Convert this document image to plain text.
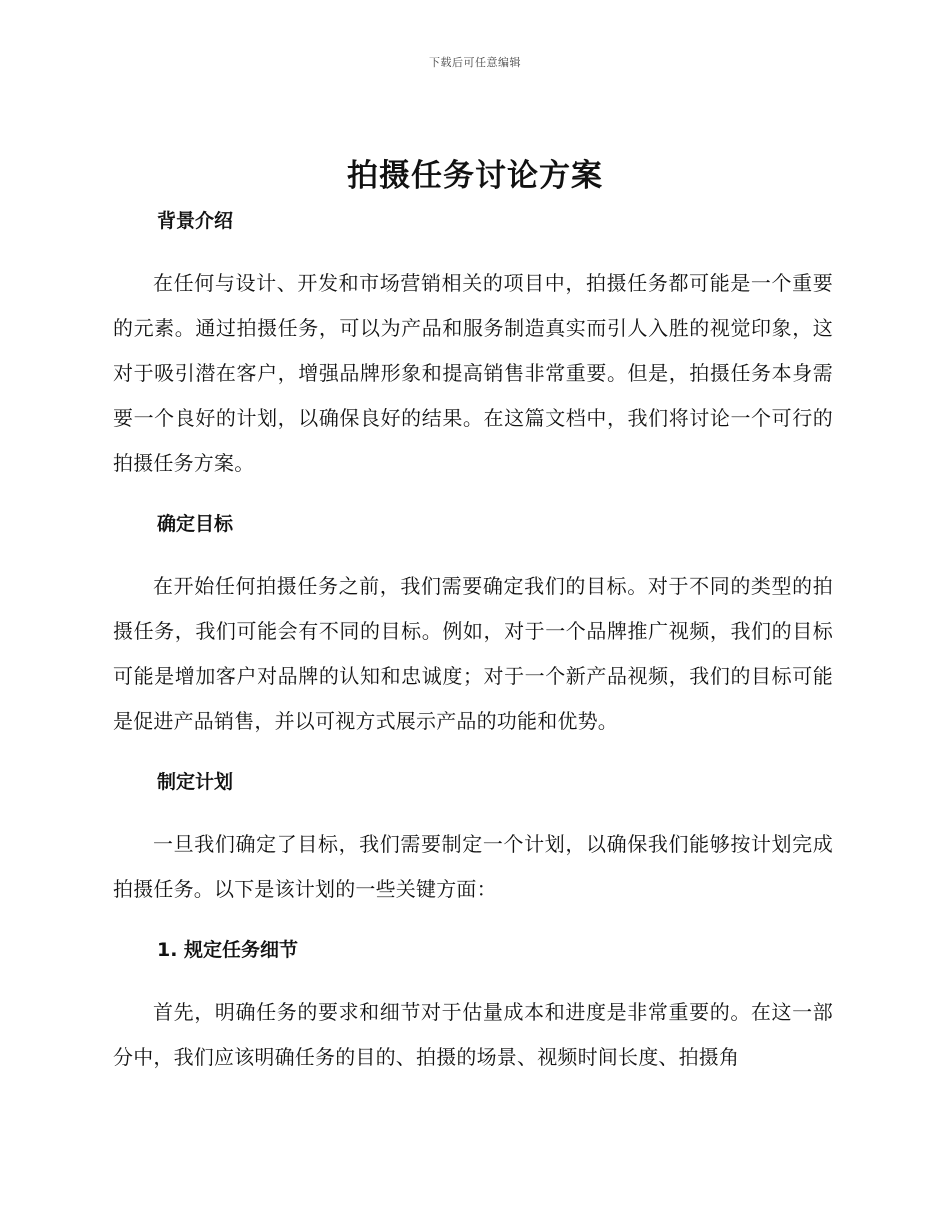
下载后可任意编辑
拍摄任务讨论方案
背景介绍

在任何与设计、开发和市场营销相关的项目中，拍摄任务都可能是一个重要的元素。通过拍摄任务，可以为产品和服务制造真实而引人入胜的视觉印象，这对于吸引潜在客户，增强品牌形象和提高销售非常重要。但是，拍摄任务本身需要一个良好的计划，以确保良好的结果。在这篇文档中，我们将讨论一个可行的拍摄任务方案。

确定目标

在开始任何拍摄任务之前，我们需要确定我们的目标。对于不同的类型的拍摄任务，我们可能会有不同的目标。例如，对于一个品牌推广视频，我们的目标可能是增加客户对品牌的认知和忠诚度；对于一个新产品视频，我们的目标可能是促进产品销售，并以可视方式展示产品的功能和优势。

制定计划

一旦我们确定了目标，我们需要制定一个计划，以确保我们能够按计划完成拍摄任务。以下是该计划的一些关键方面：

1. 规定任务细节

首先，明确任务的要求和细节对于估量成本和进度是非常重要的。在这一部分中，我们应该明确任务的目的、拍摄的场景、视频时间长度、拍摄角
